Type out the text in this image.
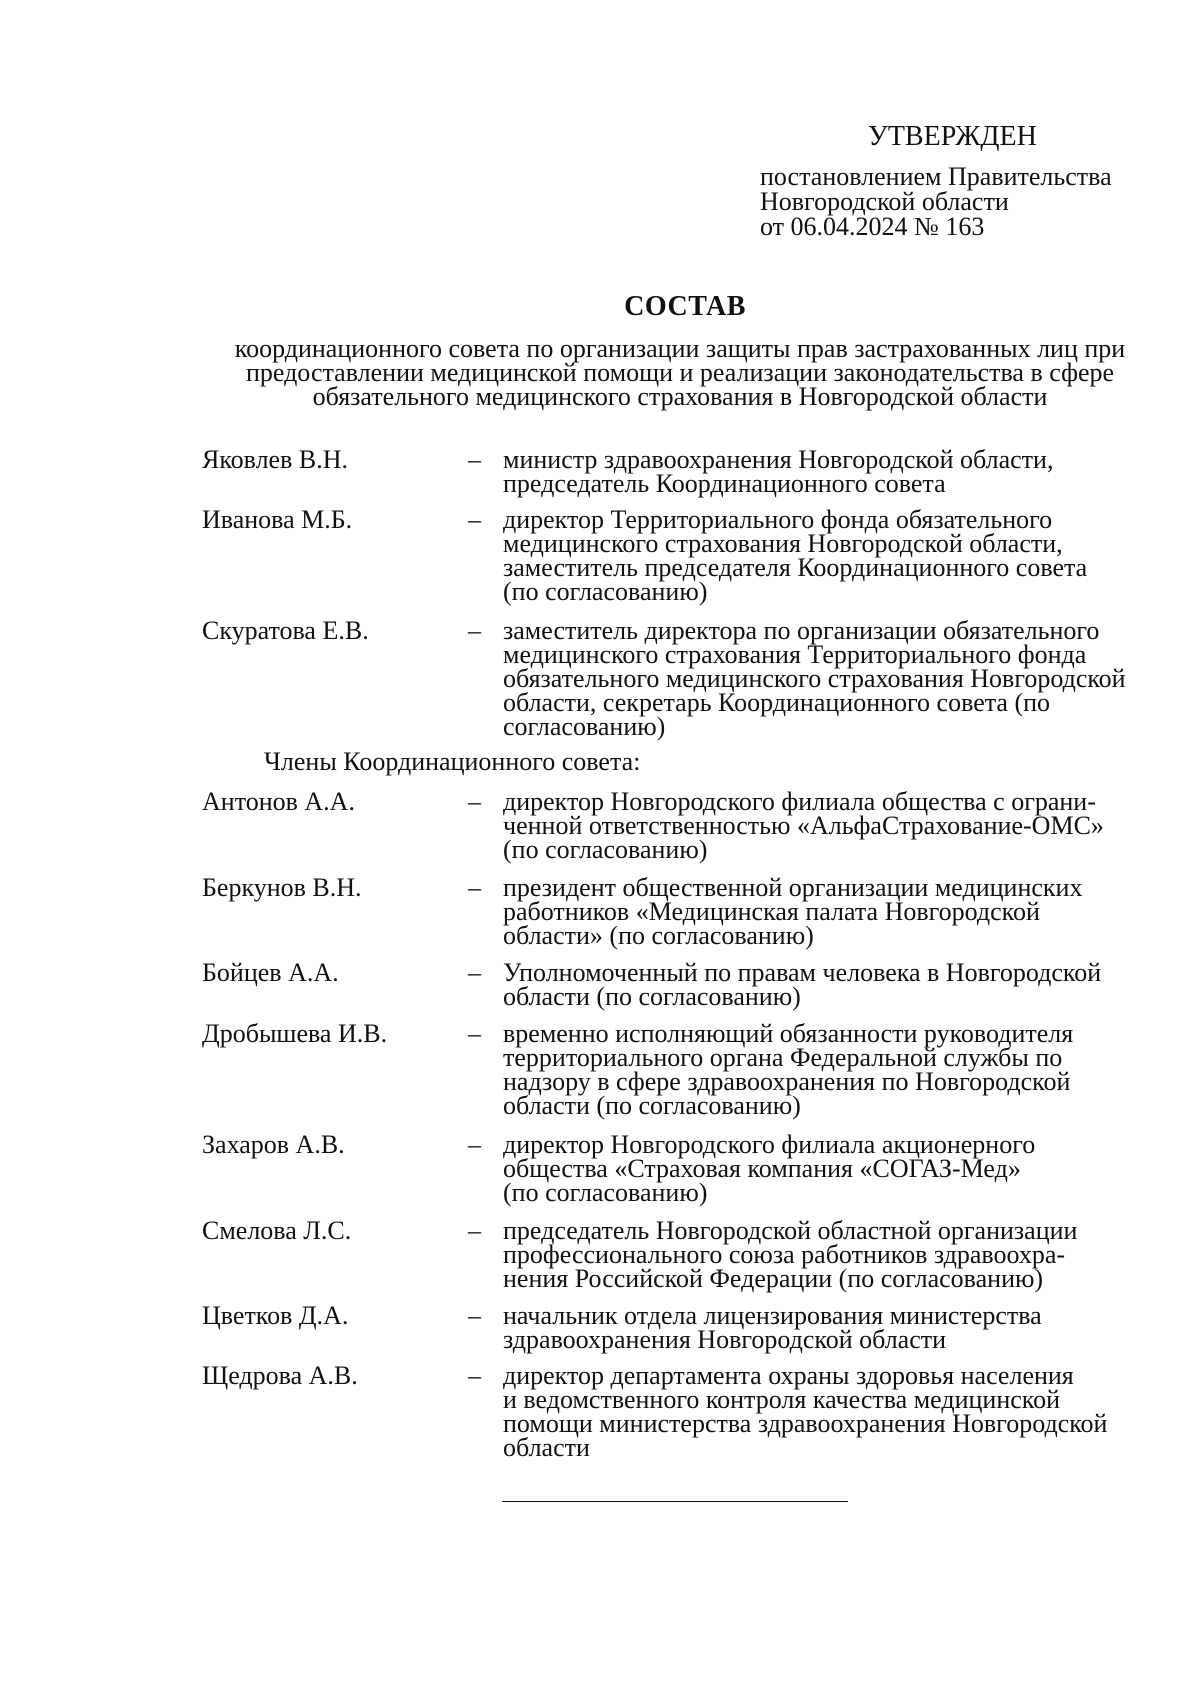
УТВЕРЖДЕН
постановлением Правительства
Новгородской области
от 06.04.2024 № 163
СОСТАВ
координационного совета по организации защиты прав застрахованных лиц при
предоставлении медицинской помощи и реализации законодательства в сфере
обязательного медицинского страхования в Новгородской области
Яковлев В.Н.	– министр здравоохранения Новгородской области,
председатель Координационного совета
Иванова М.Б.	– директор Территориального фонда обязательного
медицинского страхования Новгородской области,
заместитель председателя Координационного совета
(по согласованию)
Скуратова Е.В.	– заместитель директора по организации обязательного
медицинского страхования Территориального фонда
обязательного медицинского страхования Новгородской
области, секретарь Координационного совета (по
согласованию)
Члены Координационного совета:
Антонов А.А.	– директор Новгородского филиала общества с ограни-
ченной ответственностью «АльфаСтрахование-ОМС»
(по согласованию)
Беркунов В.Н.	– президент общественной организации медицинских
работников «Медицинская палата Новгородской
области» (по согласованию)
Бойцев А.А.	– Уполномоченный по правам человека в Новгородской
области (по согласованию)
Дробышева И.В.	– временно исполняющий обязанности руководителя
территориального органа Федеральной службы по
надзору в сфере здравоохранения по Новгородской
области (по согласованию)
Захаров А.В.	– директор Новгородского филиала акционерного
общества «Страховая компания «СОГАЗ-Мед»
(по согласованию)
Смелова Л.С.	– председатель Новгородской областной организации
профессионального союза работников здравоохра-
нения Российской Федерации (по согласованию)
Цветков Д.А.	– начальник отдела лицензирования министерства
здравоохранения Новгородской области
Щедрова А.В.	– директор департамента охраны здоровья населения
и ведомственного контроля качества медицинской
помощи министерства здравоохранения Новгородской
области
